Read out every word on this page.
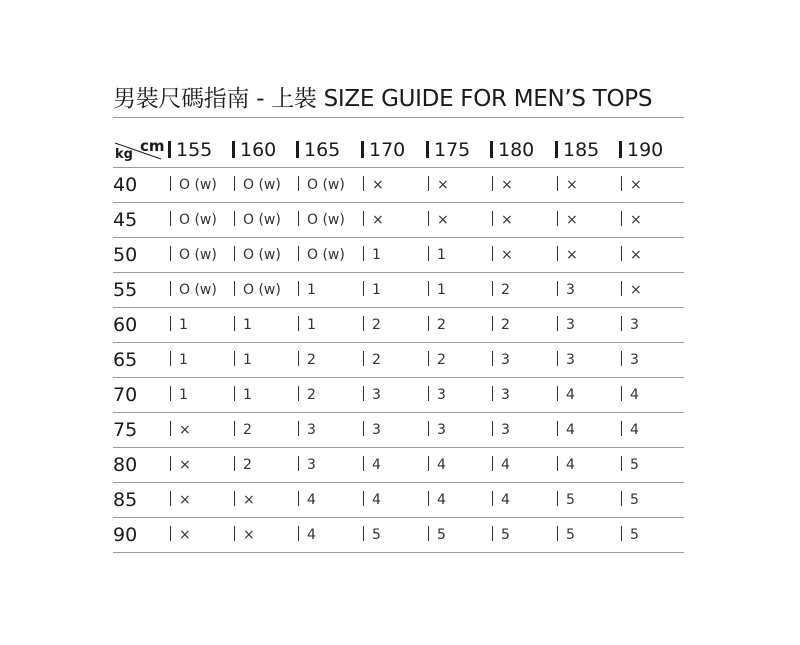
男裝尺碼指南 - 上裝 SIZE GUIDE FOR MEN’S TOPS
kg cm 155	160	165	170	175	180	185	190
40	O (w)	O (w)	O (w)	×	×	×	×	×
45	O (w)	O (w)	O (w)	×	×	×	×	×
50	O (w)	O (w)	O (w)	1	1	×	×	×
55	O (w)	O (w)	1	1	1	2	3	×
60	1	1	1	2	2	2	3	3
65	1	1	2	2	2	3	3	3
70	1	1	2	3	3	3	4	4
75	×	2	3	3	3	3	4	4
80	×	2	3	4	4	4	4	5
85	×	×	4	4	4	4	5	5
90	×	×	4	5	5	5	5	5
